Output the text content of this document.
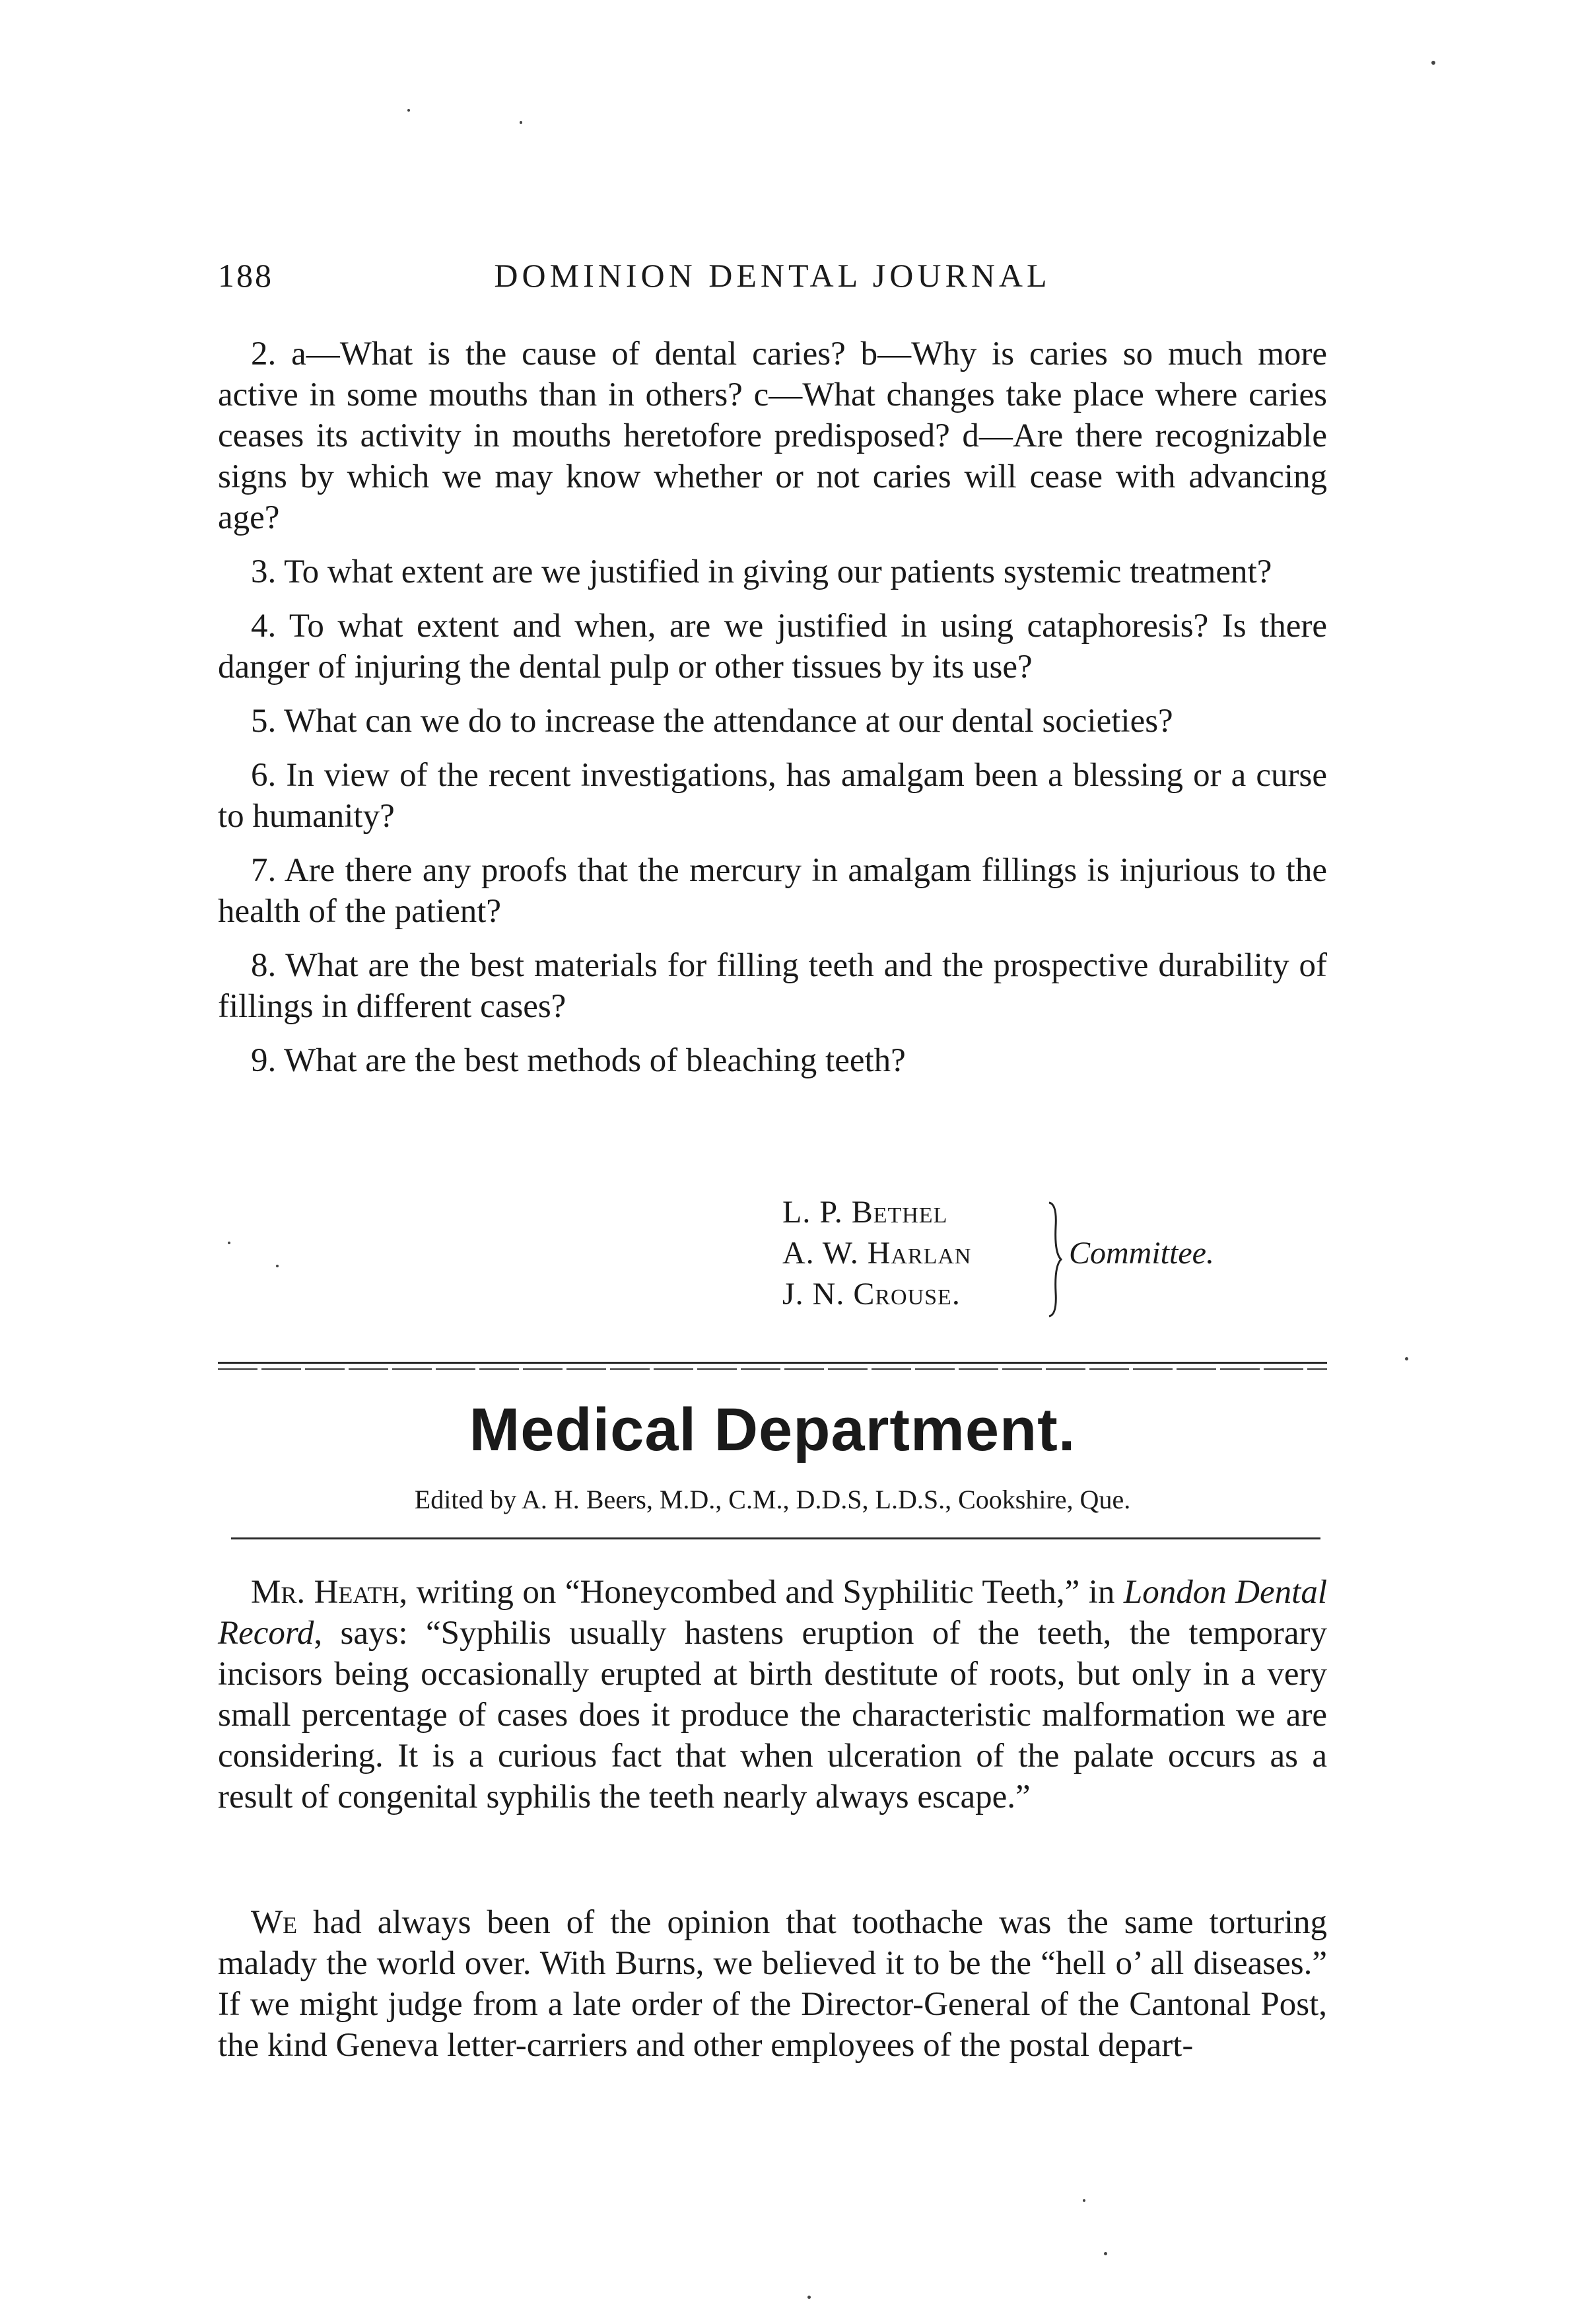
188	DOMINION DENTAL JOURNAL

2. a—What is the cause of dental caries? b—Why is caries so much more active in some mouths than in others? c—What changes take place where caries ceases its activity in mouths heretofore predisposed? d—Are there recognizable signs by which we may know whether or not caries will cease with advancing age?

3. To what extent are we justified in giving our patients systemic treatment?

4. To what extent and when, are we justified in using cataphoresis? Is there danger of injuring the dental pulp or other tissues by its use?

5. What can we do to increase the attendance at our dental societies?

6. In view of the recent investigations, has amalgam been a blessing or a curse to humanity?

7. Are there any proofs that the mercury in amalgam fillings is injurious to the health of the patient?

8. What are the best materials for filling teeth and the prospective durability of fillings in different cases?

9. What are the best methods of bleaching teeth?

L. P. Bethel
A. W. Harlan
J. N. Crouse.
Committee.
Medical Department.
Edited by A. H. Beers, M.D., C.M., D.D.S, L.D.S., Cookshire, Que.

Mr. Heath, writing on “Honeycombed and Syphilitic Teeth,” in London Dental Record, says: “Syphilis usually hastens eruption of the teeth, the temporary incisors being occasionally erupted at birth destitute of roots, but only in a very small percentage of cases does it produce the characteristic malformation we are considering. It is a curious fact that when ulceration of the palate occurs as a result of congenital syphilis the teeth nearly always escape.”

We had always been of the opinion that toothache was the same torturing malady the world over. With Burns, we believed it to be the “hell o’ all diseases.” If we might judge from a late order of the Director-General of the Cantonal Post, the kind Geneva letter-carriers and other employees of the postal depart-
